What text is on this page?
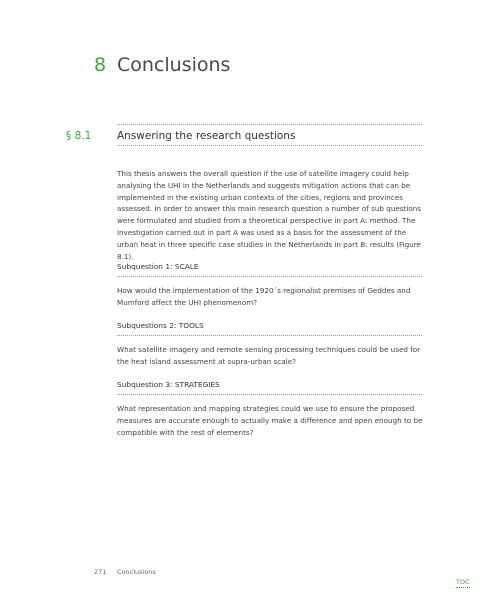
8 Conclusions
§ 8.1 Answering the research questions
This thesis answers the overall question if the use of satellite imagery could help analysing the UHI in the Netherlands and suggests mitigation actions that can be implemented in the existing urban contexts of the cities, regions and provinces assessed. In order to answer this main research question a number of sub questions were formulated and studied from a theoretical perspective in part A: method. The investigation carried out in part A was used as a basis for the assessment of the urban heat in three specific case studies in the Netherlands in part B: results (Figure 8.1).
Subquestion 1: SCALE
How would the implementation of the 1920´s regionalist premises of Geddes and Mumford affect the UHI phenomenom?
Subquestions 2: TOOLS
What satellite imagery and remote sensing processing techniques could be used for the heat island assessment at supra-urban scale?
Subquestion 3: STRATEGIES
What representation and mapping strategies could we use to ensure the proposed measures are accurate enough to actually make a difference and open enough to be compatible with the rest of elements?
271 Conclusions
TOC
